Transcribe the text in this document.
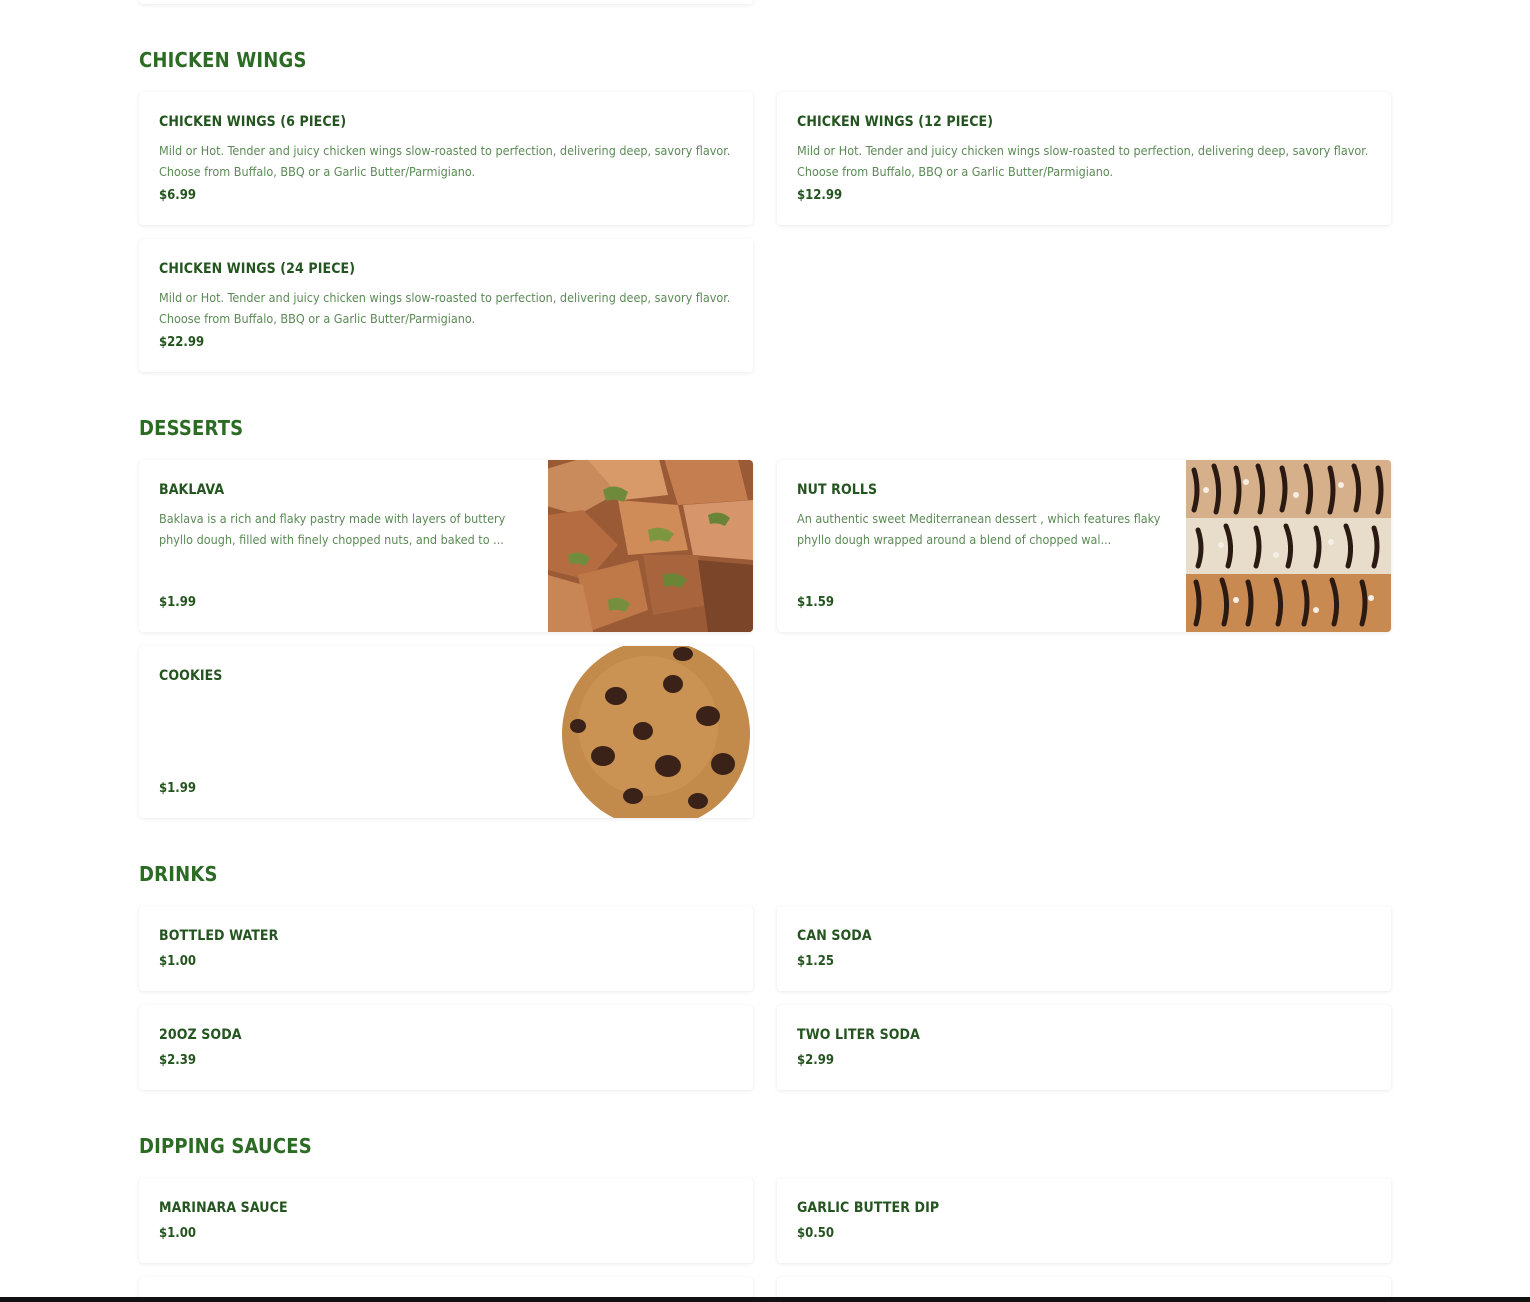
CHICKEN WINGS
CHICKEN WINGS (6 PIECE)
Mild or Hot. Tender and juicy chicken wings slow-roasted to perfection, delivering deep, savory flavor. Choose from Buffalo, BBQ or a Garlic Butter/Parmigiano.
$6.99
CHICKEN WINGS (12 PIECE)
Mild or Hot. Tender and juicy chicken wings slow-roasted to perfection, delivering deep, savory flavor. Choose from Buffalo, BBQ or a Garlic Butter/Parmigiano.
$12.99
CHICKEN WINGS (24 PIECE)
Mild or Hot. Tender and juicy chicken wings slow-roasted to perfection, delivering deep, savory flavor. Choose from Buffalo, BBQ or a Garlic Butter/Parmigiano.
$22.99
DESSERTS
BAKLAVA
Baklava is a rich and flaky pastry made with layers of buttery phyllo dough, filled with finely chopped nuts, and baked to ...
$1.99
NUT ROLLS
An authentic sweet Mediterranean dessert , which features flaky phyllo dough wrapped around a blend of chopped wal...
$1.59
COOKIES
$1.99
DRINKS
BOTTLED WATER
$1.00
CAN SODA
$1.25
20OZ SODA
$2.39
TWO LITER SODA
$2.99
DIPPING SAUCES
MARINARA SAUCE
$1.00
GARLIC BUTTER DIP
$0.50
